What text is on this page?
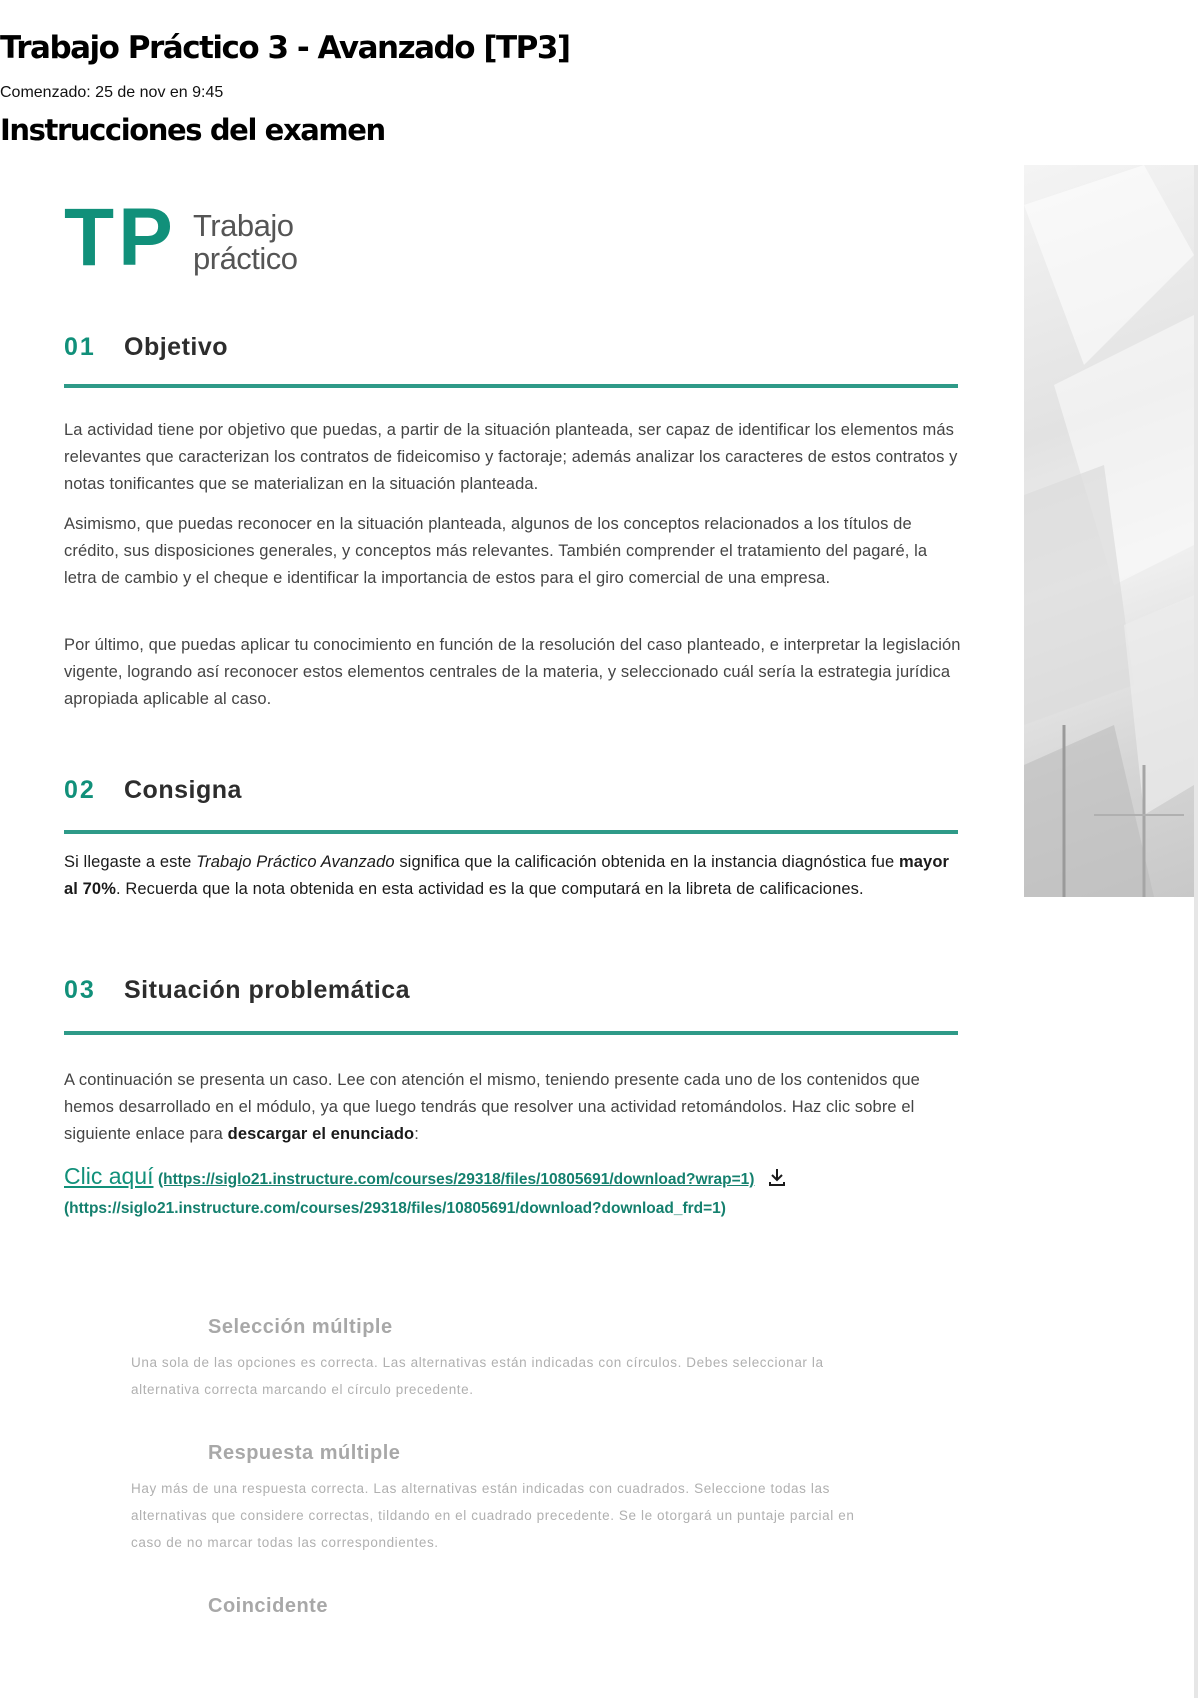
Trabajo Práctico 3 - Avanzado [TP3]
Comenzado: 25 de nov en 9:45
Instrucciones del examen
TP Trabajo
práctico
01 Objetivo

La actividad tiene por objetivo que puedas, a partir de la situación planteada, ser capaz de identificar los elementos más relevantes que caracterizan los contratos de fideicomiso y factoraje; además analizar los caracteres de estos contratos y notas tonificantes que se materializan en la situación planteada.

Asimismo, que puedas reconocer en la situación planteada, algunos de los conceptos relacionados a los títulos de crédito, sus disposiciones generales, y conceptos más relevantes. También comprender el tratamiento del pagaré, la letra de cambio y el cheque e identificar la importancia de estos para el giro comercial de una empresa.

Por último, que puedas aplicar tu conocimiento en función de la resolución del caso planteado, e interpretar la legislación vigente, logrando así reconocer estos elementos centrales de la materia, y seleccionado cuál sería la estrategia jurídica apropiada aplicable al caso.

02 Consigna

Si llegaste a este Trabajo Práctico Avanzado significa que la calificación obtenida en la instancia diagnóstica fue mayor al 70%. Recuerda que la nota obtenida en esta actividad es la que computará en la libreta de calificaciones.

03 Situación problemática

A continuación se presenta un caso. Lee con atención el mismo, teniendo presente cada uno de los contenidos que hemos desarrollado en el módulo, ya que luego tendrás que resolver una actividad retomándolos. Haz clic sobre el siguiente enlace para descargar el enunciado:

Clic aquí (https://siglo21.instructure.com/courses/29318/files/10805691/download?wrap=1)
(https://siglo21.instructure.com/courses/29318/files/10805691/download?download_frd=1)
Selección múltiple

Una sola de las opciones es correcta. Las alternativas están indicadas con círculos. Debes seleccionar la alternativa correcta marcando el círculo precedente.

Respuesta múltiple

Hay más de una respuesta correcta. Las alternativas están indicadas con cuadrados. Seleccione todas las alternativas que considere correctas, tildando en el cuadrado precedente. Se le otorgará un puntaje parcial en caso de no marcar todas las correspondientes.

Coincidente
